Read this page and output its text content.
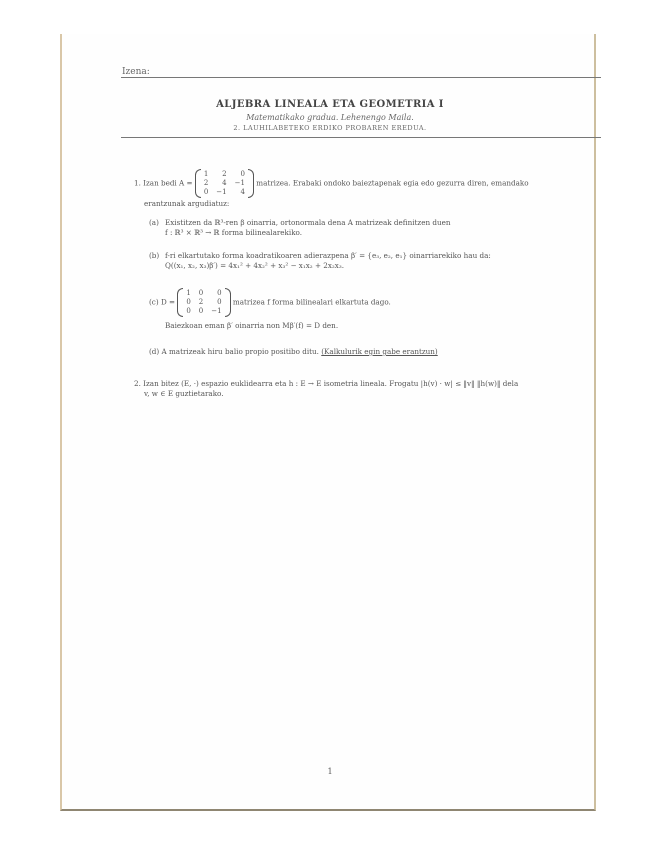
Izena:
ALJEBRA LINEALA ETA GEOMETRIA I
Matematikako gradua. Lehenengo Maila.
2. LAUHILABETEKO ERDIKO PROBAREN EREDUA.
1. Izan bedi A =
1	2	0
2	4	−1
0	−1	4
matrizea. Erabaki ondoko baieztapenak egia edo gezurra diren, emandako
erantzunak argudiatuz:
(a) Existitzen da ℝ³-ren β oinarria, ortonormala dena A matrizeak definitzen duen
f : ℝ³ × ℝ³ → ℝ forma bilinealarekiko.
(b) f-ri elkartutako forma koadratikoaren adierazpena β′ = {e₃, e₂, e₁} oinarriarekiko hau da:
Q((x₁, x₂, x₃)β′) = 4x₁² + 4x₂² + x₃² − x₁x₂ + 2x₂x₃.
(c) D =
1	0	0
0	2	0
0	0	−1
matrizea f forma bilinealari elkartuta dago.
Baiezkoan eman β′ oinarria non Mβ′(f) = D den.
(d) A matrizeak hiru balio propio positibo ditu. (Kalkulurik egin gabe erantzun)
2. Izan bitez (E, ·) espazio euklidearra eta h : E → E isometria lineala. Frogatu |h(v) · w| ≤ ‖v‖ ‖h(w)‖ dela
v, w ∈ E guztietarako.
1
